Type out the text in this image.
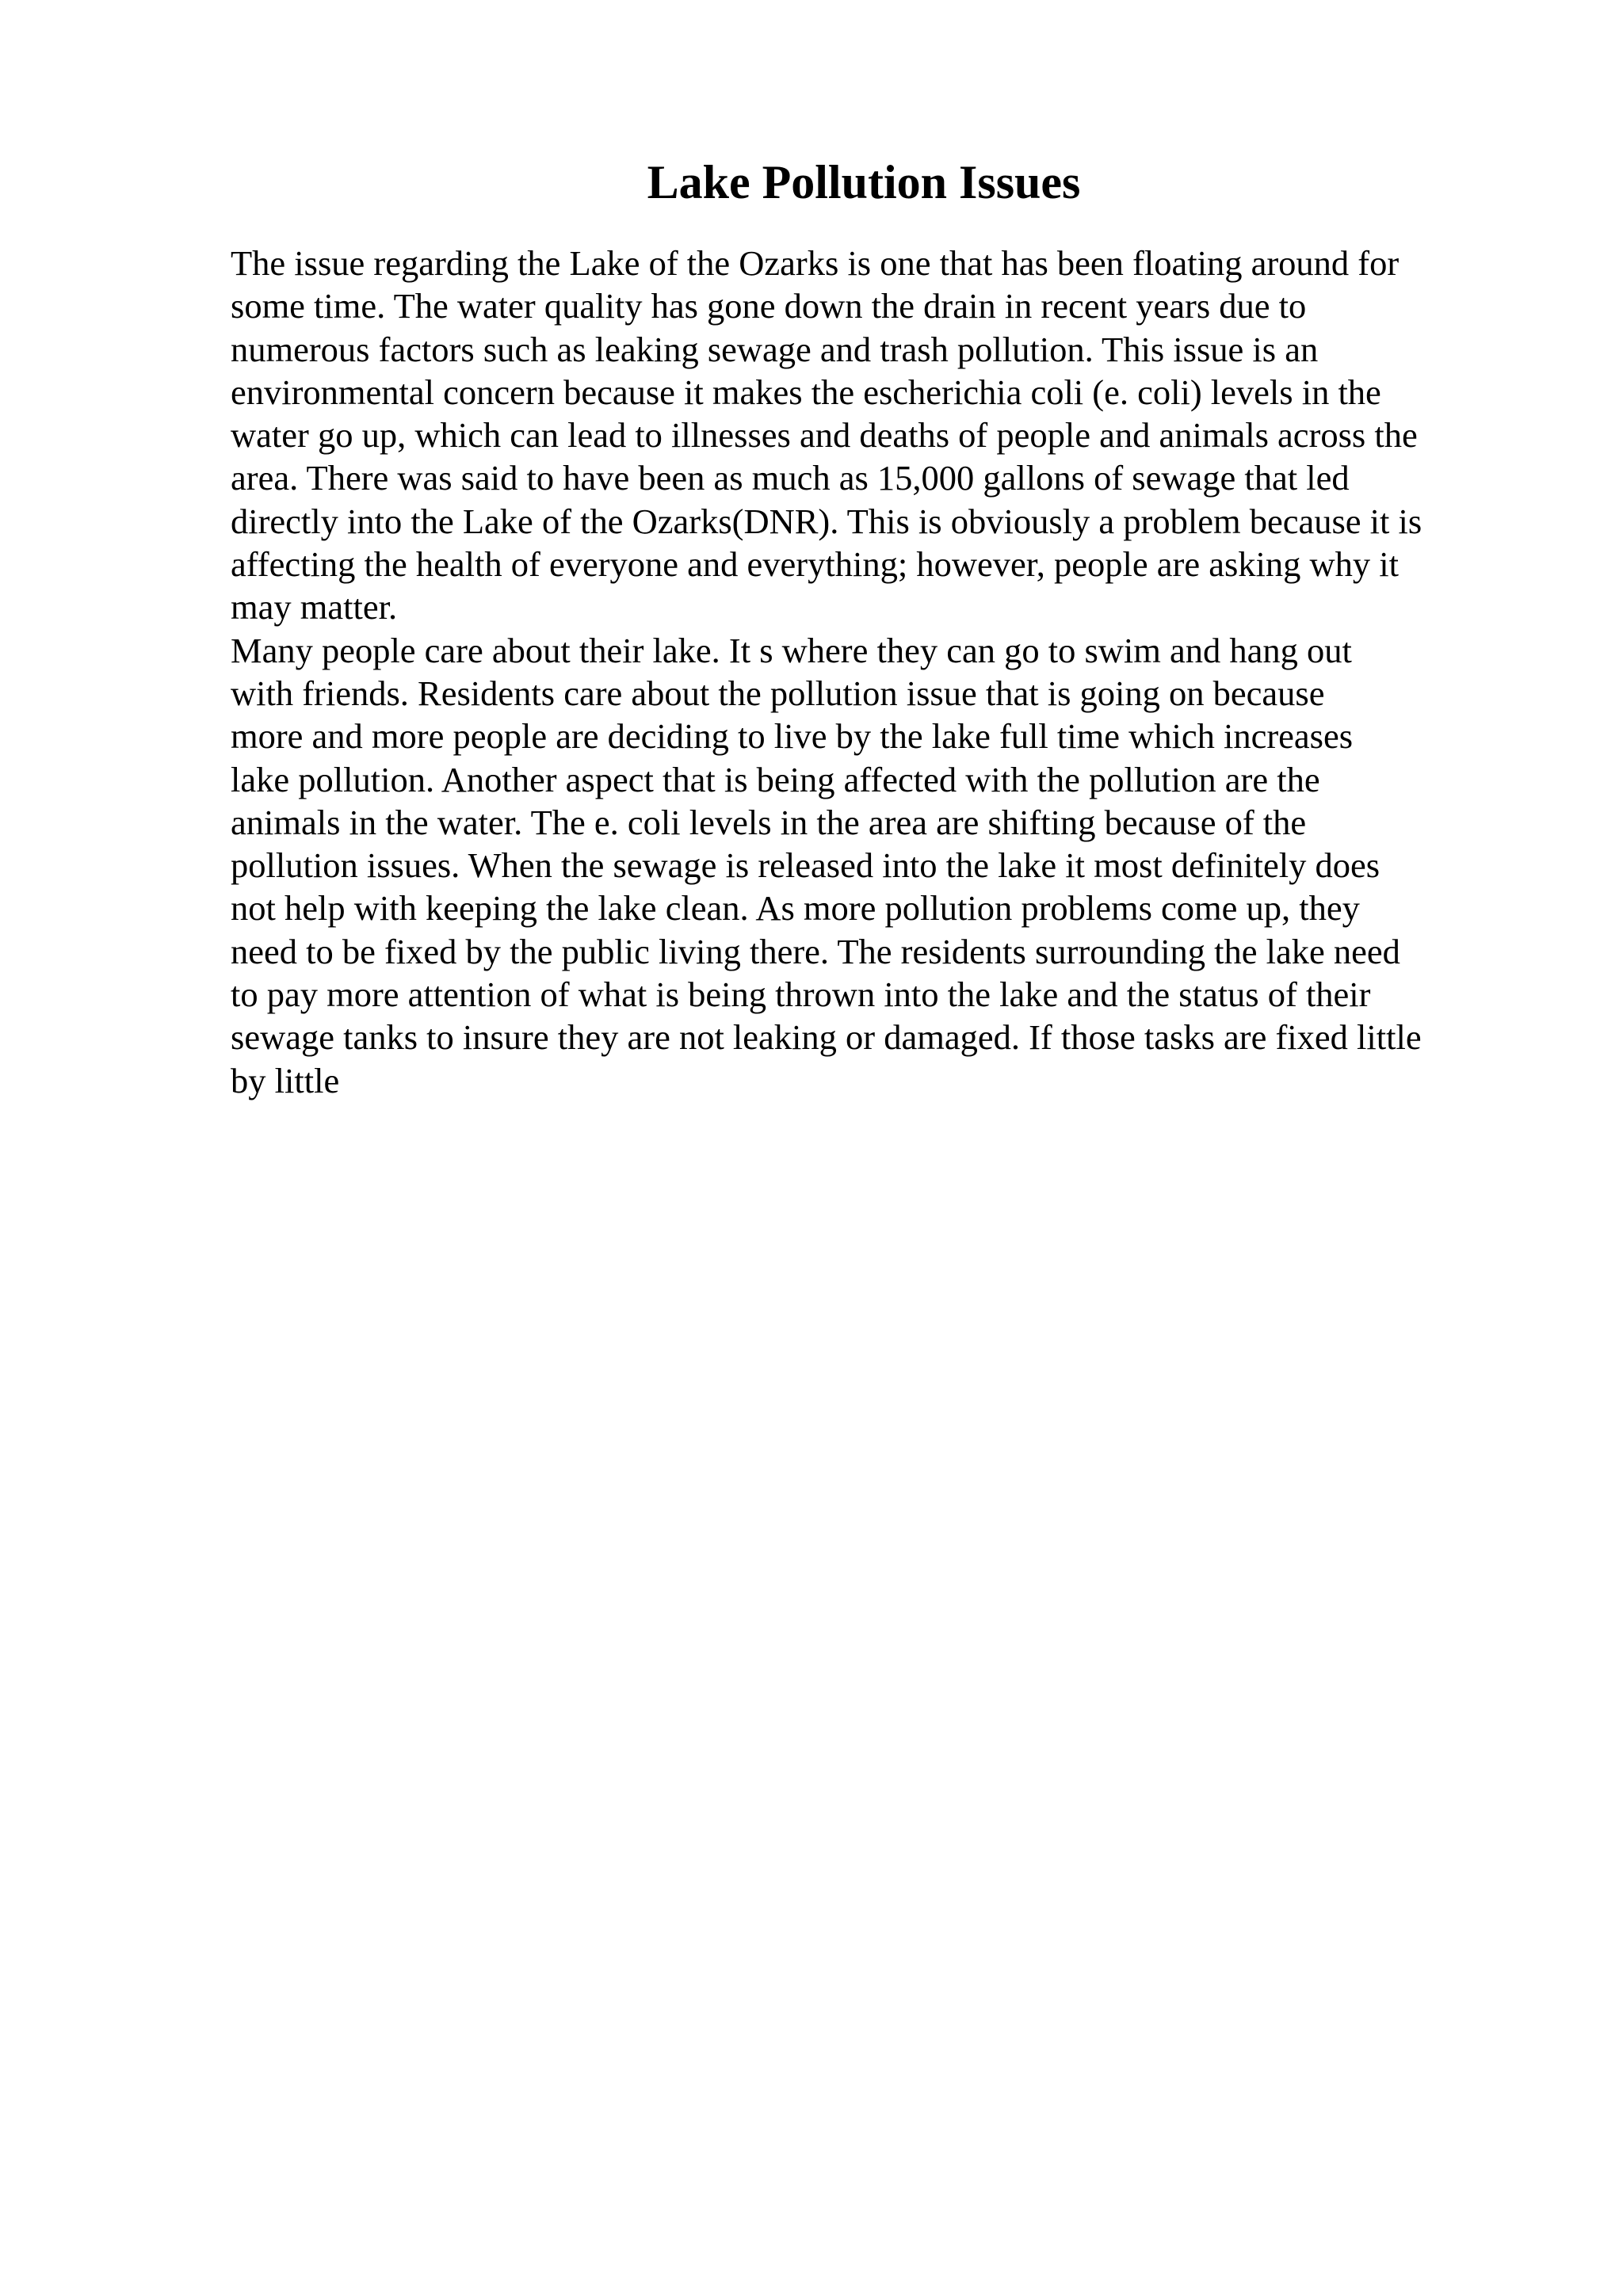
Lake Pollution Issues
The issue regarding the Lake of the Ozarks is one that has been floating around for
some time. The water quality has gone down the drain in recent years due to
numerous factors such as leaking sewage and trash pollution. This issue is an
environmental concern because it makes the escherichia coli (e. coli) levels in the
water go up, which can lead to illnesses and deaths of people and animals across the
area. There was said to have been as much as 15,000 gallons of sewage that led
directly into the Lake of the Ozarks(DNR). This is obviously a problem because it is
affecting the health of everyone and everything; however, people are asking why it
may matter.
Many people care about their lake. It s where they can go to swim and hang out
with friends. Residents care about the pollution issue that is going on because
more and more people are deciding to live by the lake full time which increases
lake pollution. Another aspect that is being affected with the pollution are the
animals in the water. The e. coli levels in the area are shifting because of the
pollution issues. When the sewage is released into the lake it most definitely does
not help with keeping the lake clean. As more pollution problems come up, they
need to be fixed by the public living there. The residents surrounding the lake need
to pay more attention of what is being thrown into the lake and the status of their
sewage tanks to insure they are not leaking or damaged. If those tasks are fixed little
by little
